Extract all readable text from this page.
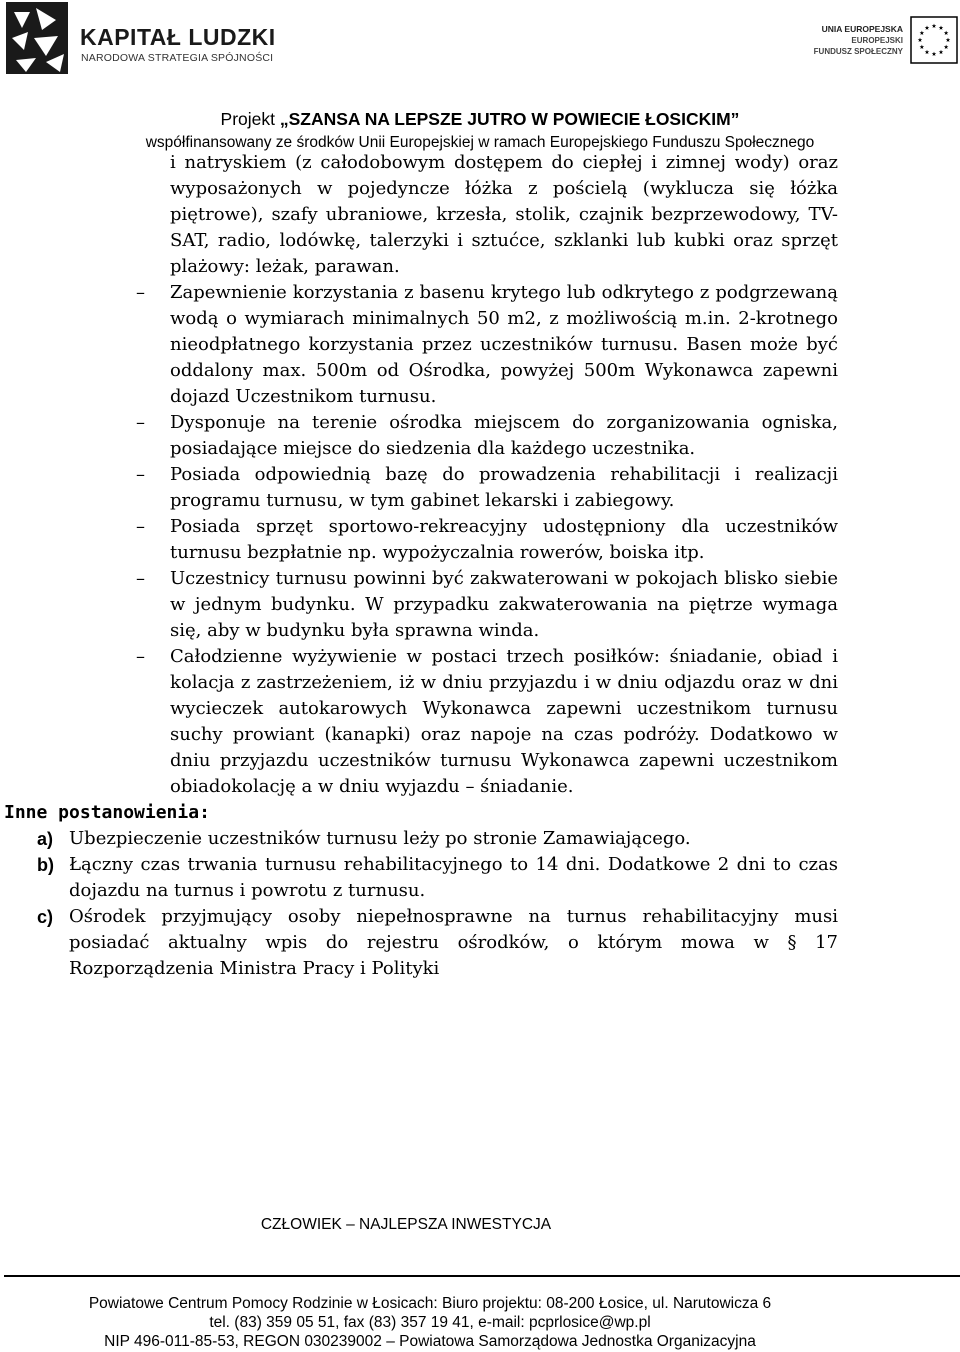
KAPITAŁ LUDZKI
NARODOWA STRATEGIA SPÓJNOŚCI
UNIA EUROPEJSKA
EUROPEJSKI
FUNDUSZ SPOŁECZNY
Projekt „SZANSA NA LEPSZE JUTRO W POWIECIE ŁOSICKIM”
współfinansowany ze środków Unii Europejskiej w ramach Europejskiego Funduszu Społecznego
i natryskiem (z całodobowym dostępem do ciepłej i zimnej wody) oraz wyposażonych w pojedyncze łóżka z pościelą (wyklucza się łóżka piętrowe), szafy ubraniowe, krzesła, stolik, czajnik bezprzewodowy, TV-SAT, radio, lodówkę, talerzyki i sztućce, szklanki lub kubki oraz sprzęt plażowy: leżak, parawan.
– Zapewnienie korzystania z basenu krytego lub odkrytego z podgrzewaną wodą o wymiarach minimalnych 50 m2, z możliwością m.in. 2-krotnego nieodpłatnego korzystania przez uczestników turnusu. Basen może być oddalony max. 500m od Ośrodka, powyżej 500m Wykonawca zapewni dojazd Uczestnikom turnusu.
– Dysponuje na terenie ośrodka miejscem do zorganizowania ogniska, posiadające miejsce do siedzenia dla każdego uczestnika.
– Posiada odpowiednią bazę do prowadzenia rehabilitacji i realizacji programu turnusu, w tym gabinet lekarski i zabiegowy.
– Posiada sprzęt sportowo-rekreacyjny udostępniony dla uczestników turnusu bezpłatnie np. wypożyczalnia rowerów, boiska itp.
– Uczestnicy turnusu powinni być zakwaterowani w pokojach blisko siebie w jednym budynku. W przypadku zakwaterowania na piętrze wymaga się, aby w budynku była sprawna winda.
– Całodzienne wyżywienie w postaci trzech posiłków: śniadanie, obiad i kolacja z zastrzeżeniem, iż w dniu przyjazdu i w dniu odjazdu oraz w dni wycieczek autokarowych Wykonawca zapewni uczestnikom turnusu suchy prowiant (kanapki) oraz napoje na czas podróży. Dodatkowo w dniu przyjazdu uczestników turnusu Wykonawca zapewni uczestnikom obiadokolację a w dniu wyjazdu – śniadanie.
Inne postanowienia:
a) Ubezpieczenie uczestników turnusu leży po stronie Zamawiającego.
b) Łączny czas trwania turnusu rehabilitacyjnego to 14 dni. Dodatkowe 2 dni to czas dojazdu na turnus i powrotu z turnusu.
c) Ośrodek przyjmujący osoby niepełnosprawne na turnus rehabilitacyjny musi posiadać aktualny wpis do rejestru ośrodków, o którym mowa w § 17 Rozporządzenia Ministra Pracy i Polityki
CZŁOWIEK – NAJLEPSZA INWESTYCJA
Powiatowe Centrum Pomocy Rodzinie w Łosicach: Biuro projektu: 08-200 Łosice, ul. Narutowicza 6
tel. (83) 359 05 51, fax (83) 357 19 41, e-mail: pcprlosice@wp.pl
NIP 496-011-85-53, REGON 030239002 – Powiatowa Samorządowa Jednostka Organizacyjna
